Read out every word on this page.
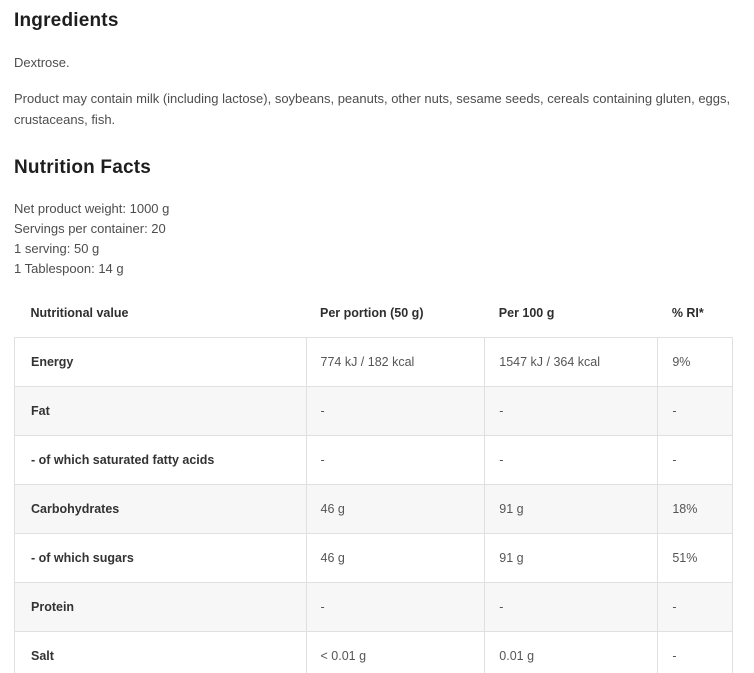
Ingredients

Dextrose.

Product may contain milk (including lactose), soybeans, peanuts, other nuts, sesame seeds, cereals containing gluten, eggs, crustaceans, fish.

Nutrition Facts
Net product weight: 1000 g
Servings per container: 20
1 serving: 50 g
1 Tablespoon: 14 g
Nutritional value	Per portion (50 g)	Per 100 g	% RI*
Energy	774 kJ / 182 kcal	1547 kJ / 364 kcal	9%
Fat	-	-	-
- of which saturated fatty acids	-	-	-
Carbohydrates	46 g	91 g	18%
- of which sugars	46 g	91 g	51%
Protein	-	-	-
Salt	< 0.01 g	0.01 g	-
